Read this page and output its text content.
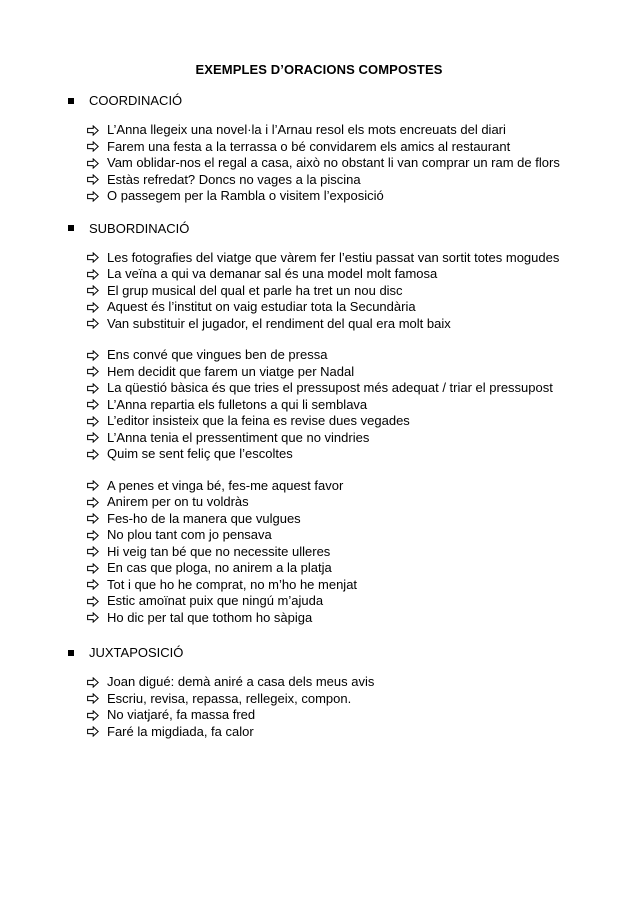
EXEMPLES D’ORACIONS COMPOSTES
COORDINACIÓ
L’Anna llegeix una novel·la i l’Arnau resol els mots encreuats del diari
Farem una festa a la terrassa o bé convidarem els amics al restaurant
Vam oblidar-nos el regal a casa, això no obstant li van comprar un ram de flors
Estàs refredat? Doncs no vages a la piscina
O passegem per la Rambla o visitem l’exposició
SUBORDINACIÓ
Les fotografies del viatge que vàrem fer l’estiu passat van sortit totes mogudes
La veïna a qui va demanar sal és una model molt famosa
El grup musical del qual et parle ha tret un nou disc
Aquest és l’institut on vaig estudiar tota la Secundària
Van substituir el jugador, el rendiment del qual era molt baix
Ens convé que vingues ben de pressa
Hem decidit que farem un viatge per Nadal
La qüestió bàsica és que tries el pressupost més adequat / triar el pressupost
L’Anna repartia els fulletons a qui li semblava
L’editor insisteix que la feina es revise dues vegades
L’Anna tenia el pressentiment que no vindries
Quim se sent feliç que l’escoltes
A penes et vinga bé, fes-me aquest favor
Anirem per on tu voldràs
Fes-ho de la manera que vulgues
No plou tant com jo pensava
Hi veig tan bé que no necessite ulleres
En cas que ploga, no anirem a la platja
Tot i que ho he comprat, no m’ho he menjat
Estic amoïnat puix que ningú m’ajuda
Ho dic per tal que tothom ho sàpiga
JUXTAPOSICIÓ
Joan digué: demà aniré a casa dels meus avis
Escriu, revisa, repassa, rellegeix, compon.
No viatjaré, fa massa fred
Faré la migdiada, fa calor
